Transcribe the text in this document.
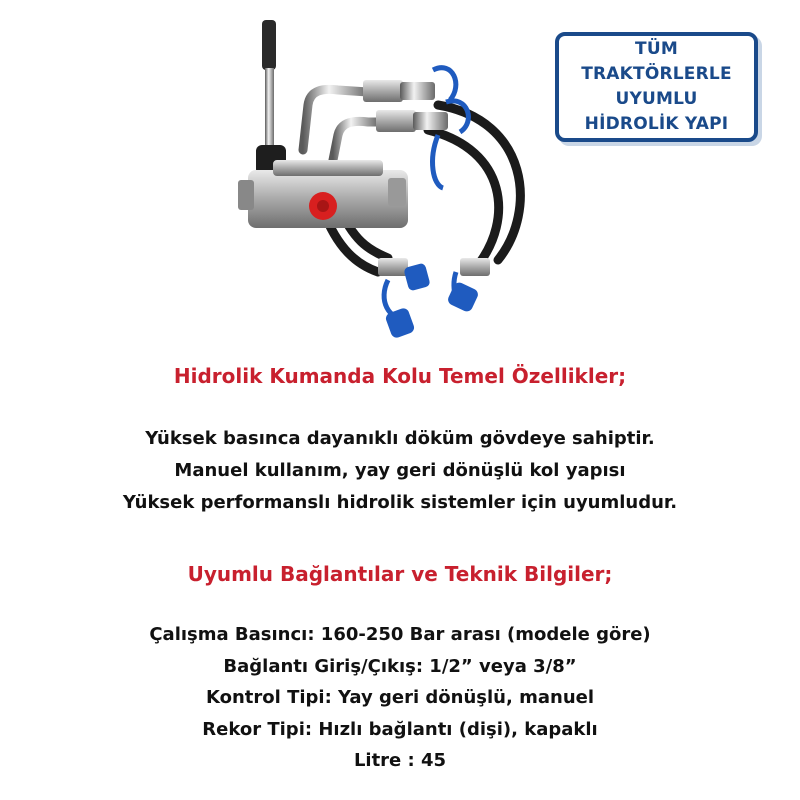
TÜM TRAKTÖRLERLE
UYUMLU
HİDROLİK YAPI
Hidrolik Kumanda Kolu Temel Özellikler;
Yüksek basınca dayanıklı döküm gövdeye sahiptir.
Manuel kullanım, yay geri dönüşlü kol yapısı
Yüksek performanslı hidrolik sistemler için uyumludur.
Uyumlu Bağlantılar ve Teknik Bilgiler;
Çalışma Basıncı: 160-250 Bar arası (modele göre)
Bağlantı Giriş/Çıkış: 1/2” veya 3/8”
Kontrol Tipi: Yay geri dönüşlü, manuel
Rekor Tipi: Hızlı bağlantı (dişi), kapaklı
Litre : 45
